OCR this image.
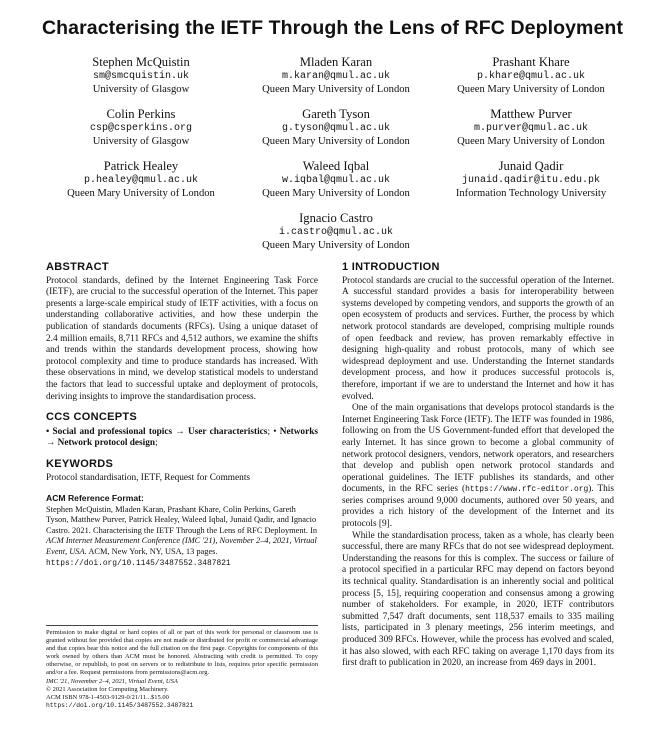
Characterising the IETF Through the Lens of RFC Deployment
Stephen McQuistin
sm@smcquistin.uk
University of Glasgow
Mladen Karan
m.karan@qmul.ac.uk
Queen Mary University of London
Prashant Khare
p.khare@qmul.ac.uk
Queen Mary University of London
Colin Perkins
csp@csperkins.org
University of Glasgow
Gareth Tyson
g.tyson@qmul.ac.uk
Queen Mary University of London
Matthew Purver
m.purver@qmul.ac.uk
Queen Mary University of London
Patrick Healey
p.healey@qmul.ac.uk
Queen Mary University of London
Waleed Iqbal
w.iqbal@qmul.ac.uk
Queen Mary University of London
Junaid Qadir
junaid.qadir@itu.edu.pk
Information Technology University
Ignacio Castro
i.castro@qmul.ac.uk
Queen Mary University of London
ABSTRACT

Protocol standards, defined by the Internet Engineering Task Force (IETF), are crucial to the successful operation of the Internet. This paper presents a large-scale empirical study of IETF activities, with a focus on understanding collaborative activities, and how these underpin the publication of standards documents (RFCs). Using a unique dataset of 2.4 million emails, 8,711 RFCs and 4,512 authors, we examine the shifts and trends within the standards development process, showing how protocol complexity and time to produce standards has increased. With these observations in mind, we develop statistical models to understand the factors that lead to successful uptake and deployment of protocols, deriving insights to improve the standardisation process.

CCS CONCEPTS

• Social and professional topics → User characteristics; • Networks → Network protocol design;

KEYWORDS

Protocol standardisation, IETF, Request for Comments

ACM Reference Format:

Stephen McQuistin, Mladen Karan, Prashant Khare, Colin Perkins, Gareth Tyson, Matthew Purver, Patrick Healey, Waleed Iqbal, Junaid Qadir, and Ignacio Castro. 2021. Characterising the IETF Through the Lens of RFC Deployment. In ACM Internet Measurement Conference (IMC '21), November 2–4, 2021, Virtual Event, USA. ACM, New York, NY, USA, 13 pages. https://doi.org/10.1145/3487552.3487821

Permission to make digital or hard copies of all or part of this work for personal or classroom use is granted without fee provided that copies are not made or distributed for profit or commercial advantage and that copies bear this notice and the full citation on the first page. Copyrights for components of this work owned by others than ACM must be honored. Abstracting with credit is permitted. To copy otherwise, or republish, to post on servers or to redistribute to lists, requires prior specific permission and/or a fee. Request permissions from permissions@acm.org.

IMC '21, November 2–4, 2021, Virtual Event, USA

© 2021 Association for Computing Machinery.

ACM ISBN 978-1-4503-9129-0/21/11...$15.00

https://doi.org/10.1145/3487552.3487821

1 INTRODUCTION

Protocol standards are crucial to the successful operation of the Internet. A successful standard provides a basis for interoperability between systems developed by competing vendors, and supports the growth of an open ecosystem of products and services. Further, the process by which network protocol standards are developed, comprising multiple rounds of open feedback and review, has proven remarkably effective in designing high-quality and robust protocols, many of which see widespread deployment and use. Understanding the Internet standards development process, and how it produces successful protocols is, therefore, important if we are to understand the Internet and how it has evolved.

One of the main organisations that develops protocol standards is the Internet Engineering Task Force (IETF). The IETF was founded in 1986, following on from the US Government-funded effort that developed the early Internet. It has since grown to become a global community of network protocol designers, vendors, network operators, and researchers that develop and publish open network protocol standards and operational guidelines. The IETF publishes its standards, and other documents, in the RFC series (https://www.rfc-editor.org). This series comprises around 9,000 documents, authored over 50 years, and provides a rich history of the development of the Internet and its protocols [9].

While the standardisation process, taken as a whole, has clearly been successful, there are many RFCs that do not see widespread deployment. Understanding the reasons for this is complex. The success or failure of a protocol specified in a particular RFC may depend on factors beyond its technical quality. Standardisation is an inherently social and political process [5, 15], requiring cooperation and consensus among a growing number of stakeholders. For example, in 2020, IETF contributors submitted 7,547 draft documents, sent 118,537 emails to 335 mailing lists, participated in 3 plenary meetings, 256 interim meetings, and produced 309 RFCs. However, while the process has evolved and scaled, it has also slowed, with each RFC taking on average 1,170 days from its first draft to publication in 2020, an increase from 469 days in 2001.
